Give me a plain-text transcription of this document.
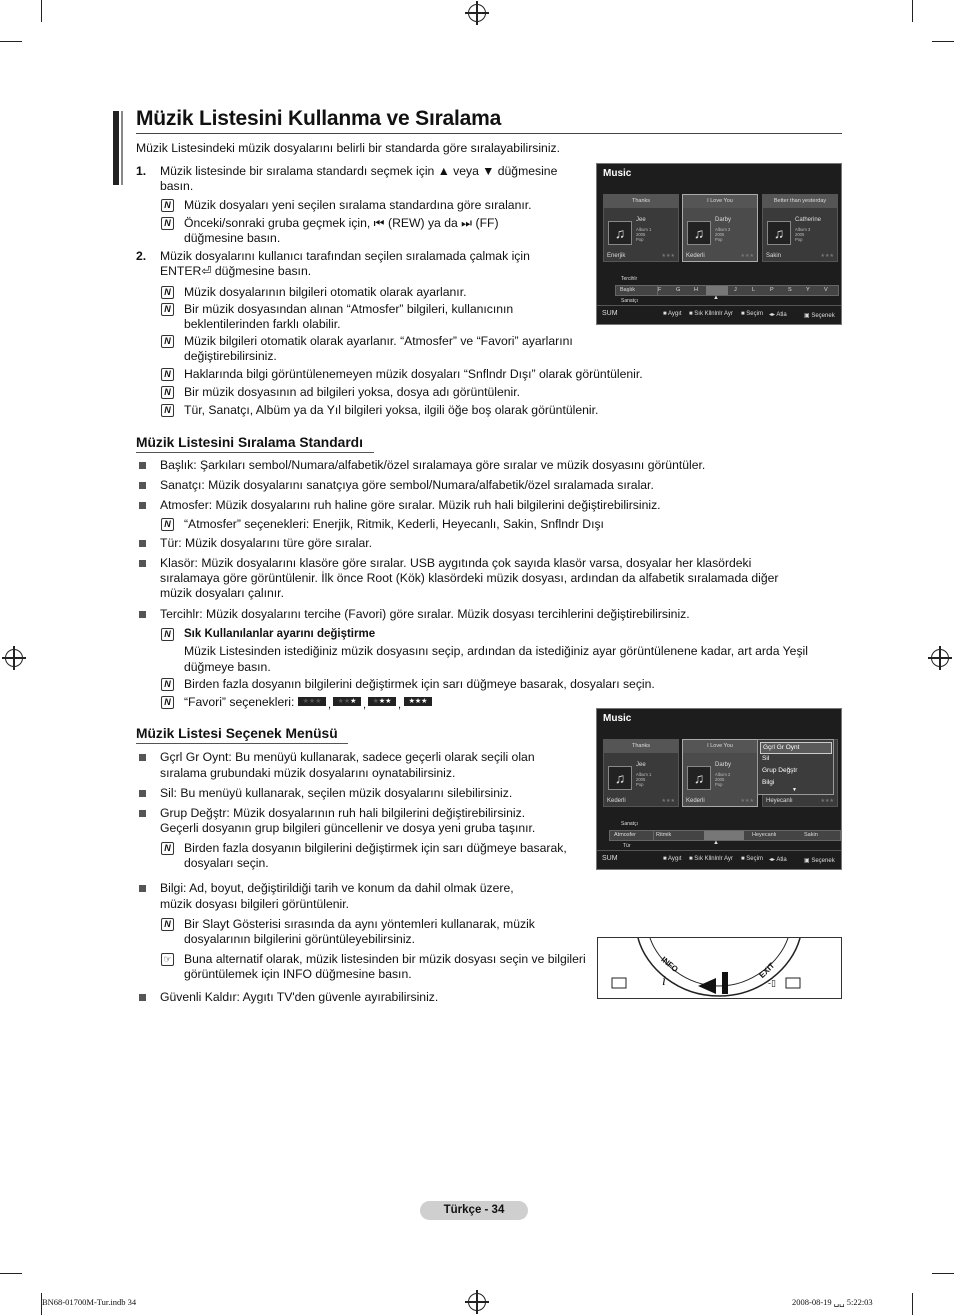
Müzik Listesini Kullanma ve Sıralama
Müzik Listesindeki müzik dosyalarını belirli bir standarda göre sıralayabilirsiniz.
1. Müzik listesinde bir sıralama standardı seçmek için ▲ veya ▼ düğmesine
basın.
N Müzik dosyaları yeni seçilen sıralama standardına göre sıralanır.
N Önceki/sonraki gruba geçmek için, ⏮ (REW) ya da ⏭ (FF)
düğmesine basın.
2. Müzik dosyalarını kullanıcı tarafından seçilen sıralamada çalmak için
ENTER⏎ düğmesine basın.
N Müzik dosyalarının bilgileri otomatik olarak ayarlanır.
N Bir müzik dosyasından alınan “Atmosfer” bilgileri, kullanıcının
beklentilerinden farklı olabilir.
N Müzik bilgileri otomatik olarak ayarlanır. “Atmosfer” ve “Favori” ayarlarını
değiştirebilirsiniz.
N Haklarında bilgi görüntülenemeyen müzik dosyaları “Snflndr Dışı” olarak görüntülenir.
N Bir müzik dosyasının ad bilgileri yoksa, dosya adı görüntülenir.
N Tür, Sanatçı, Albüm ya da Yıl bilgileri yoksa, ilgili öğe boş olarak görüntülenir.
Music
Thanks
♫
Jee
Album 1
2005
Pop
Enerjik	★★★
I Love You
♫
Darby
Album 2
2005
Pop
Kederli	★★★
Better than yesterday
♫
Catherine
Album 3
2005
Pop
Sakin	★★★
Tercihlr
Başlık
Sanatçı
F	G H	J	L	P	S	Y	V
▲
SUM	■ Aygıt ■ Sık Kllnlnlr Ayr ■ Seçim ◂▸ Atla	▣ Seçenek
Müzik Listesini Sıralama Standardı
Başlık: Şarkıları sembol/Numara/alfabetik/özel sıralamaya göre sıralar ve müzik dosyasını görüntüler.
Sanatçı: Müzik dosyalarını sanatçıya göre sembol/Numara/alfabetik/özel sıralamada sıralar.
Atmosfer: Müzik dosyalarını ruh haline göre sıralar. Müzik ruh hali bilgilerini değiştirebilirsiniz.
N “Atmosfer” seçenekleri: Enerjik, Ritmik, Kederli, Heyecanlı, Sakin, Snflndr Dışı
Tür: Müzik dosyalarını türe göre sıralar.
Klasör: Müzik dosyalarını klasöre göre sıralar. USB aygıtında çok sayıda klasör varsa, dosyalar her klasördeki
sıralamaya göre görüntülenir. İlk önce Root (Kök) klasördeki müzik dosyası, ardından da alfabetik sıralamada diğer
müzik dosyaları çalınır.
Tercihlr: Müzik dosyalarını tercihe (Favori) göre sıralar. Müzik dosyası tercihlerini değiştirebilirsiniz.
N Sık Kullanılanlar ayarını değiştirme
Müzik Listesinden istediğiniz müzik dosyasını seçip, ardından da istediğiniz ayar görüntülenene kadar, art arda Yeşil
düğmeye basın.
N Birden fazla dosyanın bilgilerini değiştirmek için sarı düğmeye basarak, dosyaları seçin.
N “Favori” seçenekleri:	★★★ , ★★★ , ★★★ ,	★★★
Müzik Listesi Seçenek Menüsü
Gçrl Gr Oynt: Bu menüyü kullanarak, sadece geçerli olarak seçili olan
sıralama grubundaki müzik dosyalarını oynatabilirsiniz.
Sil: Bu menüyü kullanarak, seçilen müzik dosyalarını silebilirsiniz.
Grup Değştr: Müzik dosyalarının ruh hali bilgilerini değiştirebilirsiniz.
Geçerli dosyanın grup bilgileri güncellenir ve dosya yeni gruba taşınır.
N Birden fazla dosyanın bilgilerini değiştirmek için sarı düğmeye basarak,
dosyaları seçin.
Bilgi: Ad, boyut, değiştirildiği tarih ve konum da dahil olmak üzere,
müzik dosyası bilgileri görüntülenir.
N Bir Slayt Gösterisi sırasında da aynı yöntemleri kullanarak, müzik
dosyalarının bilgilerini görüntüleyebilirsiniz.
☞ Buna alternatif olarak, müzik listesinden bir müzik dosyası seçin ve bilgileri
görüntülemek için INFO düğmesine basın.
Güvenli Kaldır: Aygıtı TV'den güvenle ayırabilirsiniz.
Music
Thanks
♫
Jee
Album 1
2005
Pop
Kederli	★★★
I Love You
♫
Darby
Album 2
2005
Pop
Kederli	★★★ Heyecanlı	★★★
Gçrl Gr Oynt
Sil
Grup Değştr
Bilgi
▼
Sanatçı
Atmosfer
Tür
Ritmik	Heyecanlı	Sakin
▲
SUM	■ Aygıt ■ Sık Kllnlnlr Ayr ■ Seçim ◂▸ Atla	▣ Seçenek
INFO
i
EXIT
-▯
Türkçe - 34
BN68-01700M-Tur.indb 34	2008-08-19 ␣␣ 5:22:03
